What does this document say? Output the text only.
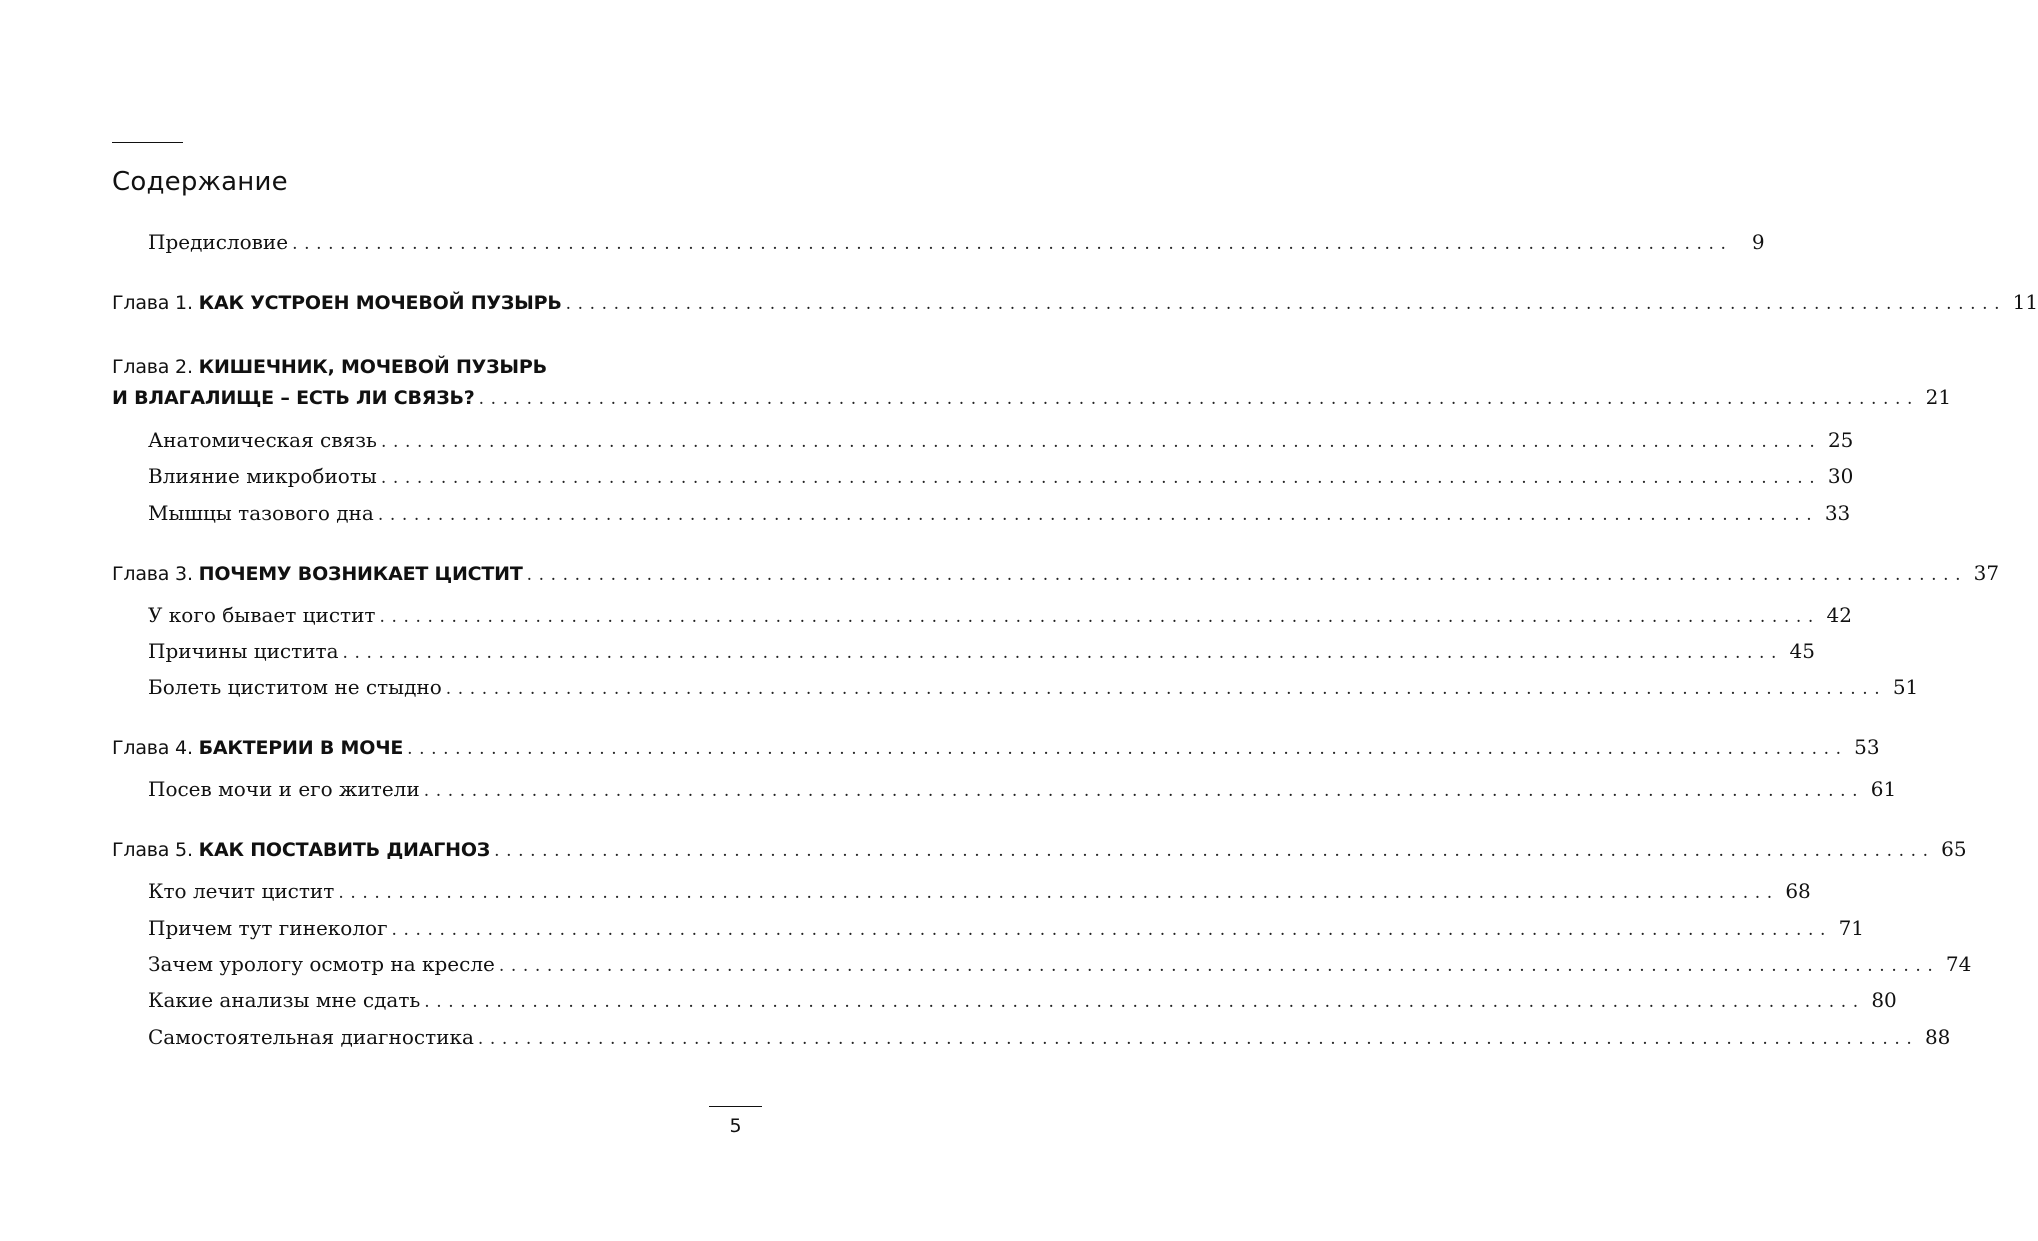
Содержание
Предисловие ........................................................................................................................ 9
Глава 1. КАК УСТРОЕН МОЧЕВОЙ ПУЗЫРЬ ........................................................................................................................ 11
Глава 2. КИШЕЧНИК, МОЧЕВОЙ ПУЗЫРЬ
И ВЛАГАЛИЩЕ – ЕСТЬ ЛИ СВЯЗЬ? ........................................................................................................................ 21
Анатомическая связь ........................................................................................................................ 25
Влияние микробиоты ........................................................................................................................ 30
Мышцы тазового дна ........................................................................................................................ 33
Глава 3. ПОЧЕМУ ВОЗНИКАЕТ ЦИСТИТ ........................................................................................................................ 37
У кого бывает цистит ........................................................................................................................ 42
Причины цистита ........................................................................................................................ 45
Болеть циститом не стыдно ........................................................................................................................ 51
Глава 4. БАКТЕРИИ В МОЧЕ ........................................................................................................................ 53
Посев мочи и его жители ........................................................................................................................ 61
Глава 5. КАК ПОСТАВИТЬ ДИАГНОЗ ........................................................................................................................ 65
Кто лечит цистит ........................................................................................................................ 68
Причем тут гинеколог ........................................................................................................................ 71
Зачем урологу осмотр на кресле ........................................................................................................................ 74
Какие анализы мне сдать ........................................................................................................................ 80
Самостоятельная диагностика ........................................................................................................................ 88
5
